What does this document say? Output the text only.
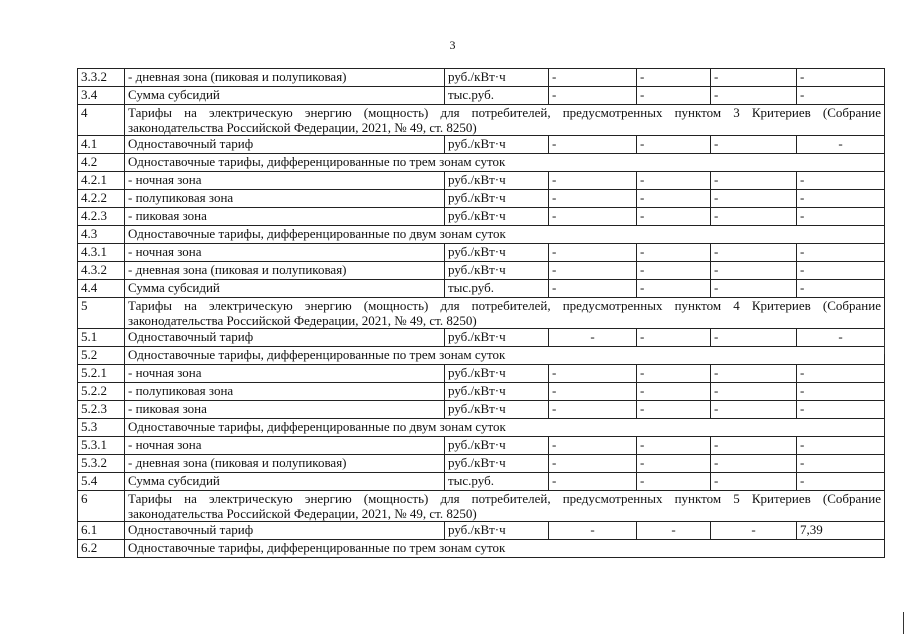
3
3.3.2	- дневная зона (пиковая и полупиковая)	руб./кВт·ч	-	-	-	-
3.4	Сумма субсидий	тыс.руб.	-	-	-	-
4	Тарифы на электрическую энергию (мощность) для потребителей, предусмотренных пунктом 3 Критериев (Собрание законодательства Российской Федерации, 2021, № 49, ст. 8250)					
4.1	Одноставочный тариф	руб./кВт·ч	-	-	-	-
4.2	Одноставочные тарифы, дифференцированные по трем зонам суток					
4.2.1	- ночная зона	руб./кВт·ч	-	-	-	-
4.2.2	- полупиковая зона	руб./кВт·ч	-	-	-	-
4.2.3	- пиковая зона	руб./кВт·ч	-	-	-	-
4.3	Одноставочные тарифы, дифференцированные по двум зонам суток					
4.3.1	- ночная зона	руб./кВт·ч	-	-	-	-
4.3.2	- дневная зона (пиковая и полупиковая)	руб./кВт·ч	-	-	-	-
4.4	Сумма субсидий	тыс.руб.	-	-	-	-
5	Тарифы на электрическую энергию (мощность) для потребителей, предусмотренных пунктом 4 Критериев (Собрание законодательства Российской Федерации, 2021, № 49, ст. 8250)					
5.1	Одноставочный тариф	руб./кВт·ч	-	-	-	-
5.2	Одноставочные тарифы, дифференцированные по трем зонам суток					
5.2.1	- ночная зона	руб./кВт·ч	-	-	-	-
5.2.2	- полупиковая зона	руб./кВт·ч	-	-	-	-
5.2.3	- пиковая зона	руб./кВт·ч	-	-	-	-
5.3	Одноставочные тарифы, дифференцированные по двум зонам суток					
5.3.1	- ночная зона	руб./кВт·ч	-	-	-	-
5.3.2	- дневная зона (пиковая и полупиковая)	руб./кВт·ч	-	-	-	-
5.4	Сумма субсидий	тыс.руб.	-	-	-	-
6	Тарифы на электрическую энергию (мощность) для потребителей, предусмотренных пунктом 5 Критериев (Собрание законодательства Российской Федерации, 2021, № 49, ст. 8250)					
6.1	Одноставочный тариф	руб./кВт·ч	-	-	-	7,39
6.2	Одноставочные тарифы, дифференцированные по трем зонам суток					
